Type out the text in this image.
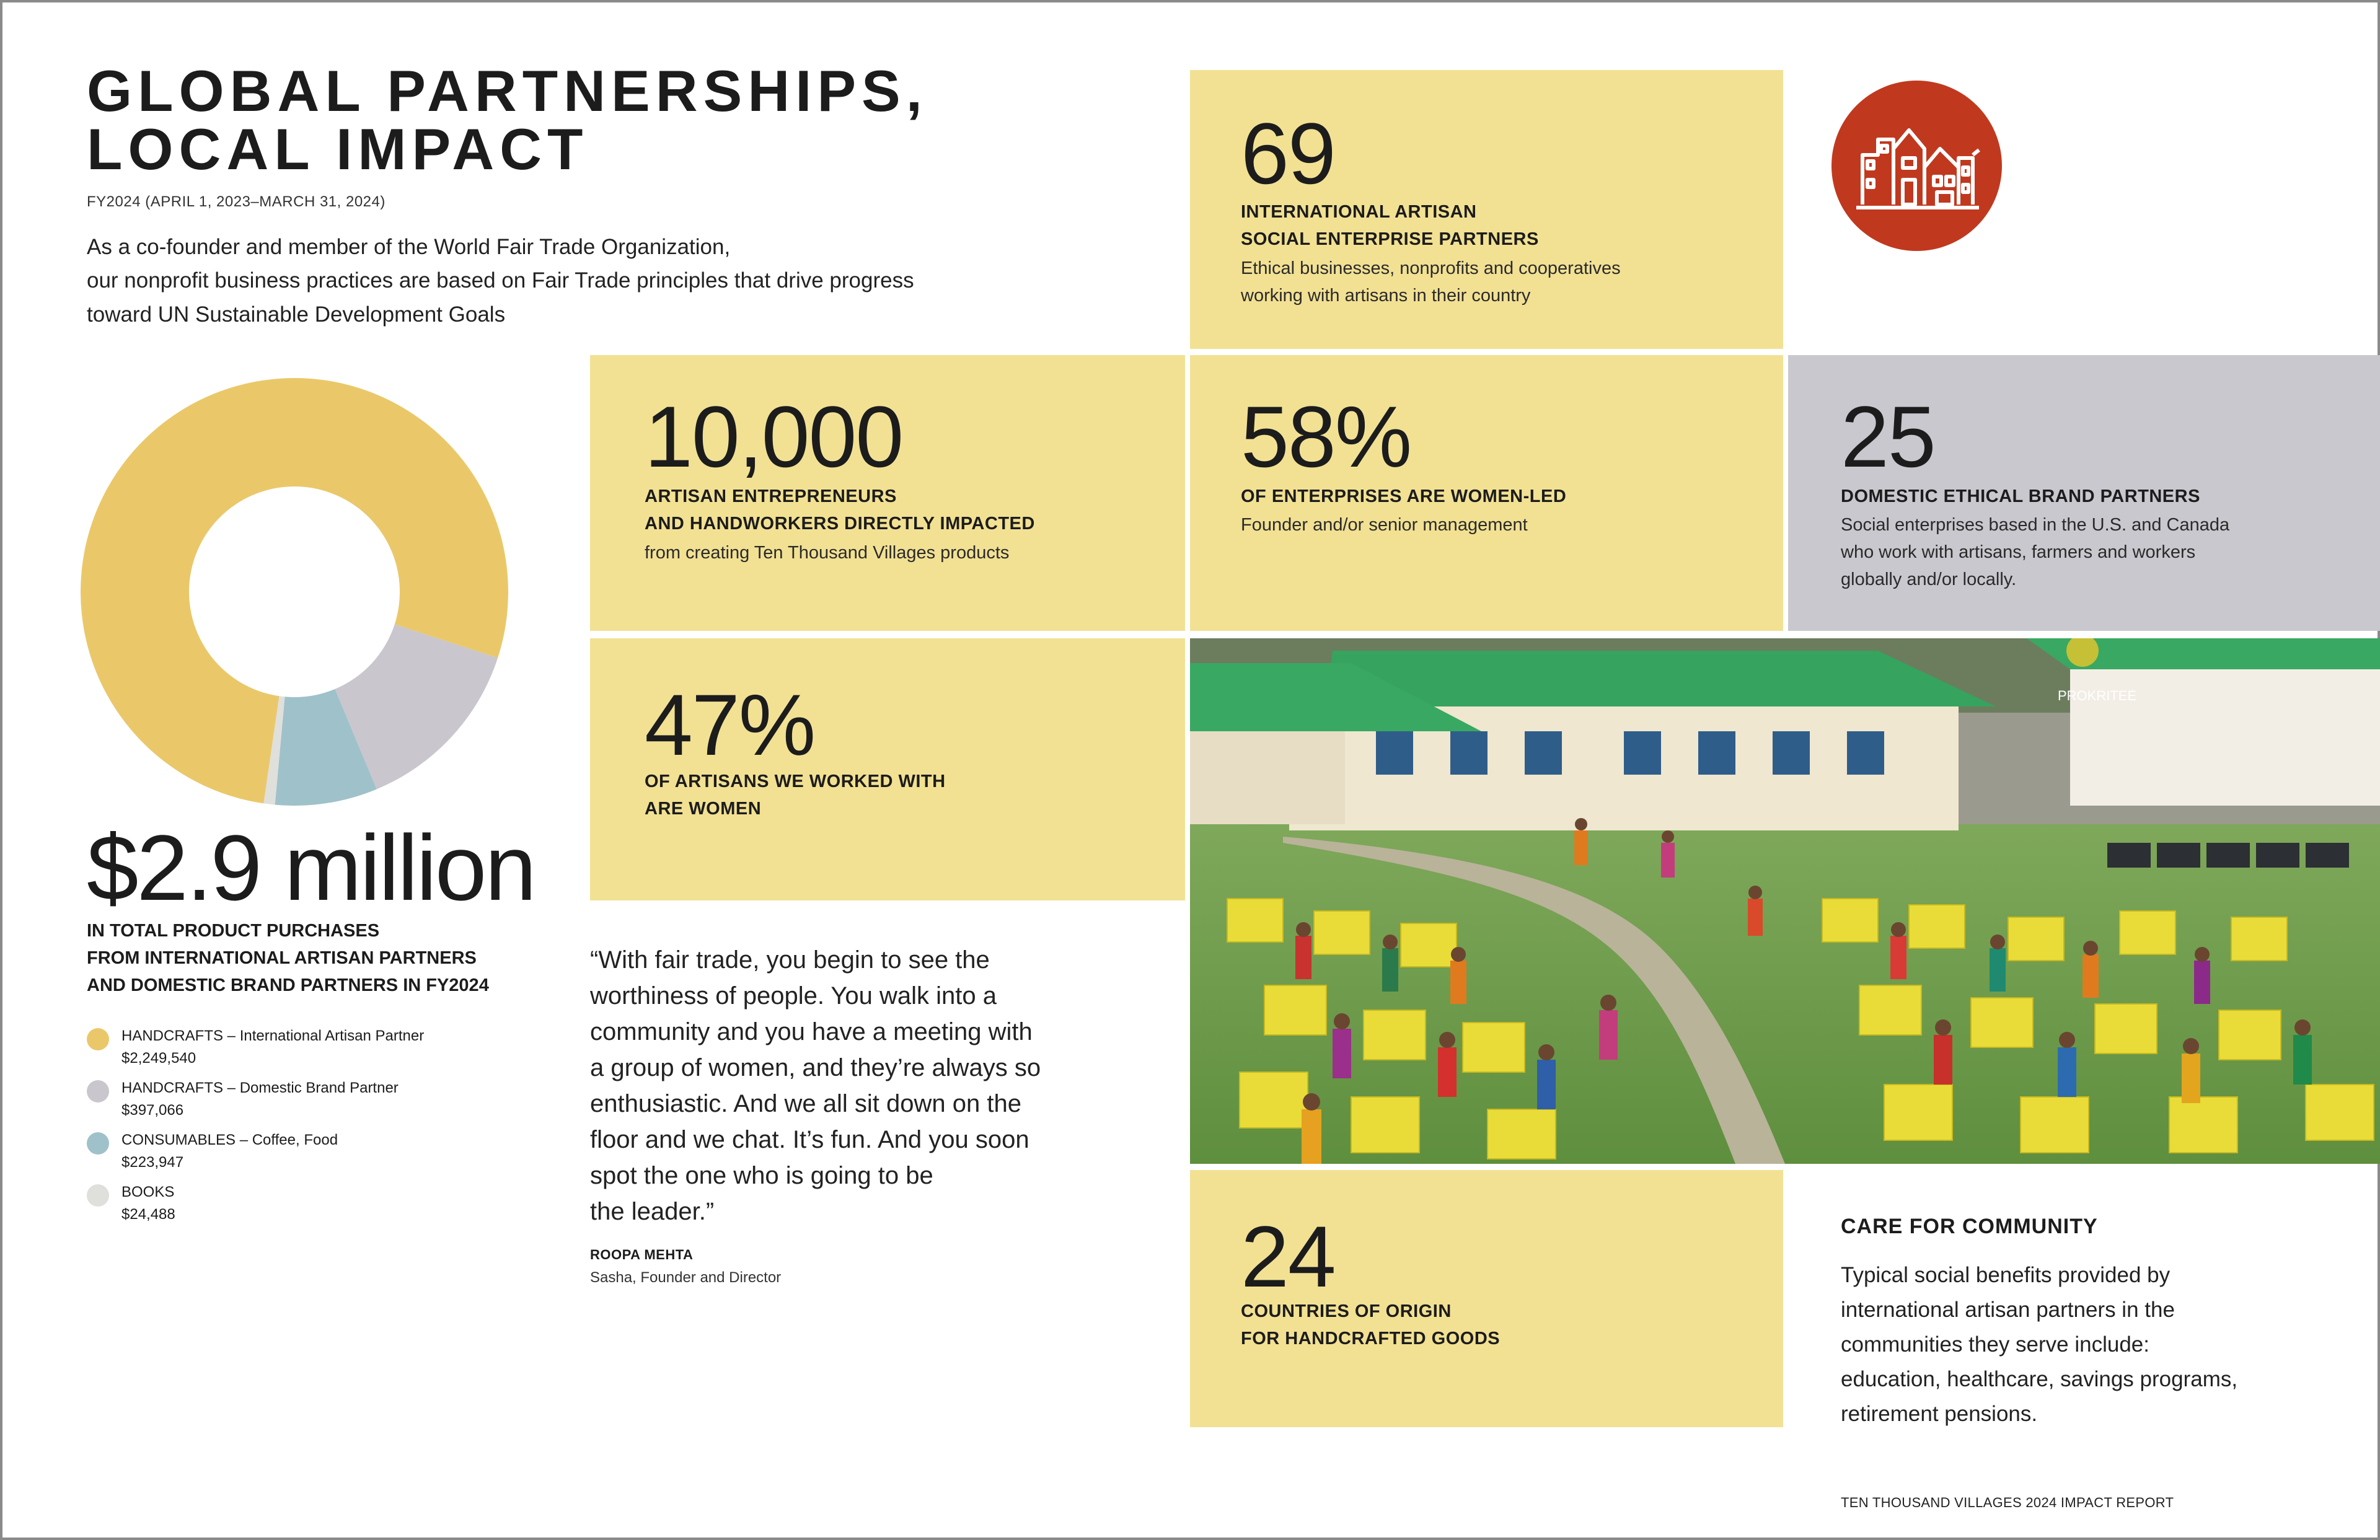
GLOBAL PARTNERSHIPS,
LOCAL IMPACT
FY2024 (APRIL 1, 2023–MARCH 31, 2024)
As a co-founder and member of the World Fair Trade Organization,
our nonprofit business practices are based on Fair Trade principles that drive progress
toward UN Sustainable Development Goals
69
INTERNATIONAL ARTISAN
SOCIAL ENTERPRISE PARTNERS
Ethical businesses, nonprofits and cooperatives
working with artisans in their country
10,000
ARTISAN ENTREPRENEURS
AND HANDWORKERS DIRECTLY IMPACTED
from creating Ten Thousand Villages products
58%
OF ENTERPRISES ARE WOMEN-LED
Founder and/or senior management
25
DOMESTIC ETHICAL BRAND PARTNERS
Social enterprises based in the U.S. and Canada
who work with artisans, farmers and workers
globally and/or locally.
47%
OF ARTISANS WE WORKED WITH
ARE WOMEN
24
COUNTRIES OF ORIGIN
FOR HANDCRAFTED GOODS
$2.9 million
IN TOTAL PRODUCT PURCHASES
FROM INTERNATIONAL ARTISAN PARTNERS
AND DOMESTIC BRAND PARTNERS IN FY2024
HANDCRAFTS – International Artisan Partner
$2,249,540
HANDCRAFTS – Domestic Brand Partner
$397,066
CONSUMABLES – Coffee, Food
$223,947
BOOKS
$24,488
“With fair trade, you begin to see the
worthiness of people. You walk into a
community and you have a meeting with
a group of women, and they’re always so
enthusiastic. And we all sit down on the
floor and we chat. It’s fun. And you soon
spot the one who is going to be
the leader.”
ROOPA MEHTA
Sasha, Founder and Director
PROKRITEE
CARE FOR COMMUNITY
Typical social benefits provided by
international artisan partners in the
communities they serve include:
education, healthcare, savings programs,
retirement pensions.
TEN THOUSAND VILLAGES 2024 IMPACT REPORT
